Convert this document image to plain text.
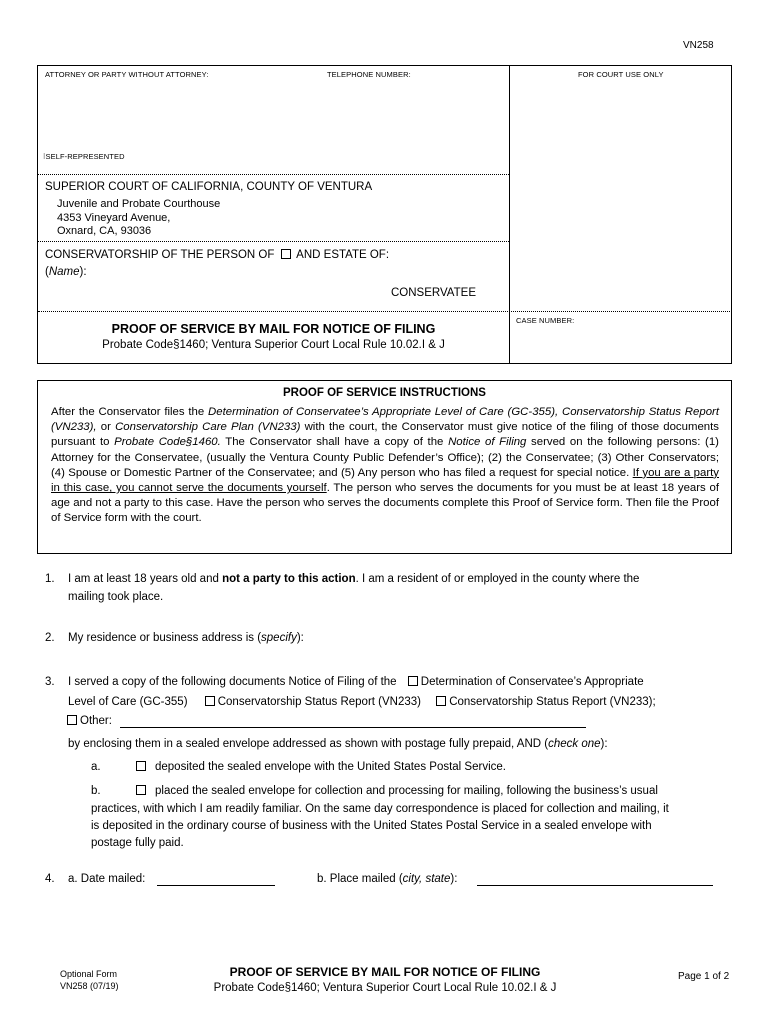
VN258
ATTORNEY OR PARTY WITHOUT ATTORNEY:	TELEPHONE NUMBER:	FOR COURT USE ONLY
⁝SELF-REPRESENTED
SUPERIOR COURT OF CALIFORNIA, COUNTY OF VENTURA
Juvenile and Probate Courthouse
4353 Vineyard Avenue,
Oxnard, CA, 93036
CONSERVATORSHIP OF THE PERSON OF AND ESTATE OF:
(Name):
CONSERVATEE
CASE NUMBER:
PROOF OF SERVICE BY MAIL FOR NOTICE OF FILING
Probate Code§1460; Ventura Superior Court Local Rule 10.02.I & J
PROOF OF SERVICE INSTRUCTIONS
After the Conservator files the Determination of Conservatee’s Appropriate Level of Care (GC-355), Conservatorship Status Report (VN233), or Conservatorship Care Plan (VN233) with the court, the Conservator must give notice of the filing of those documents pursuant to Probate Code§1460. The Conservator shall have a copy of the Notice of Filing served on the following persons: (1) Attorney for the Conservatee, (usually the Ventura County Public Defender’s Office); (2) the Conservatee; (3) Other Conservators; (4) Spouse or Domestic Partner of the Conservatee; and (5) Any person who has filed a request for special notice. If you are a party in this case, you cannot serve the documents yourself. The person who serves the documents for you must be at least 18 years of age and not a party to this case. Have the person who serves the documents complete this Proof of Service form. Then file the Proof of Service form with the court.
1. I am at least 18 years old and not a party to this action. I am a resident of or employed in the county where the
mailing took place.
2. My residence or business address is (specify):
3. I served a copy of the following documents Notice of Filing of the Determination of Conservatee’s Appropriate
Level of Care (GC-355)	Conservatorship Status Report (VN233) Conservatorship Status Report (VN233);
Other:
by enclosing them in a sealed envelope addressed as shown with postage fully prepaid, AND (check one):
a.	deposited the sealed envelope with the United States Postal Service.
b.	placed the sealed envelope for collection and processing for mailing, following the business’s usual
practices, with which I am readily familiar. On the same day correspondence is placed for collection and mailing, it
is deposited in the ordinary course of business with the United States Postal Service in a sealed envelope with
postage fully paid.
4. a. Date mailed:	b. Place mailed (city, state):
Optional Form
VN258 (07/19)
PROOF OF SERVICE BY MAIL FOR NOTICE OF FILING
Probate Code§1460; Ventura Superior Court Local Rule 10.02.I & J
Page 1 of 2
